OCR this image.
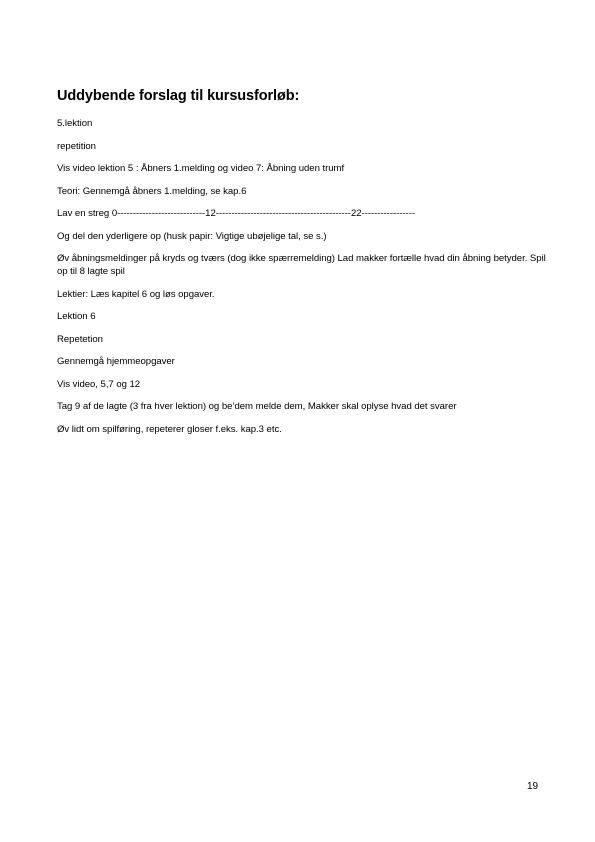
Uddybende forslag til kursusforløb:
5.lektion
repetition
Vis video lektion 5 : Åbners 1.melding og video 7: Åbning uden trumf
Teori: Gennemgå åbners 1.melding, se kap.6
Lav en streg 0----------------------------12-------------------------------------------22-----------------
Og del den yderligere op (husk papir: Vigtige ubøjelige tal, se s.)
Øv åbningsmeldinger på kryds og tværs (dog ikke spærremelding) Lad makker fortælle hvad din åbning betyder. Spil op til 8 lagte spil
Lektier: Læs kapitel 6 og løs opgaver.
Lektion 6
Repetetion
Gennemgå hjemmeopgaver
Vis video, 5,7 og 12
Tag 9 af de lagte (3 fra hver lektion) og be’dem melde dem, Makker skal oplyse hvad det svarer
Øv lidt om spilføring, repeterer gloser f.eks. kap.3 etc.
19
